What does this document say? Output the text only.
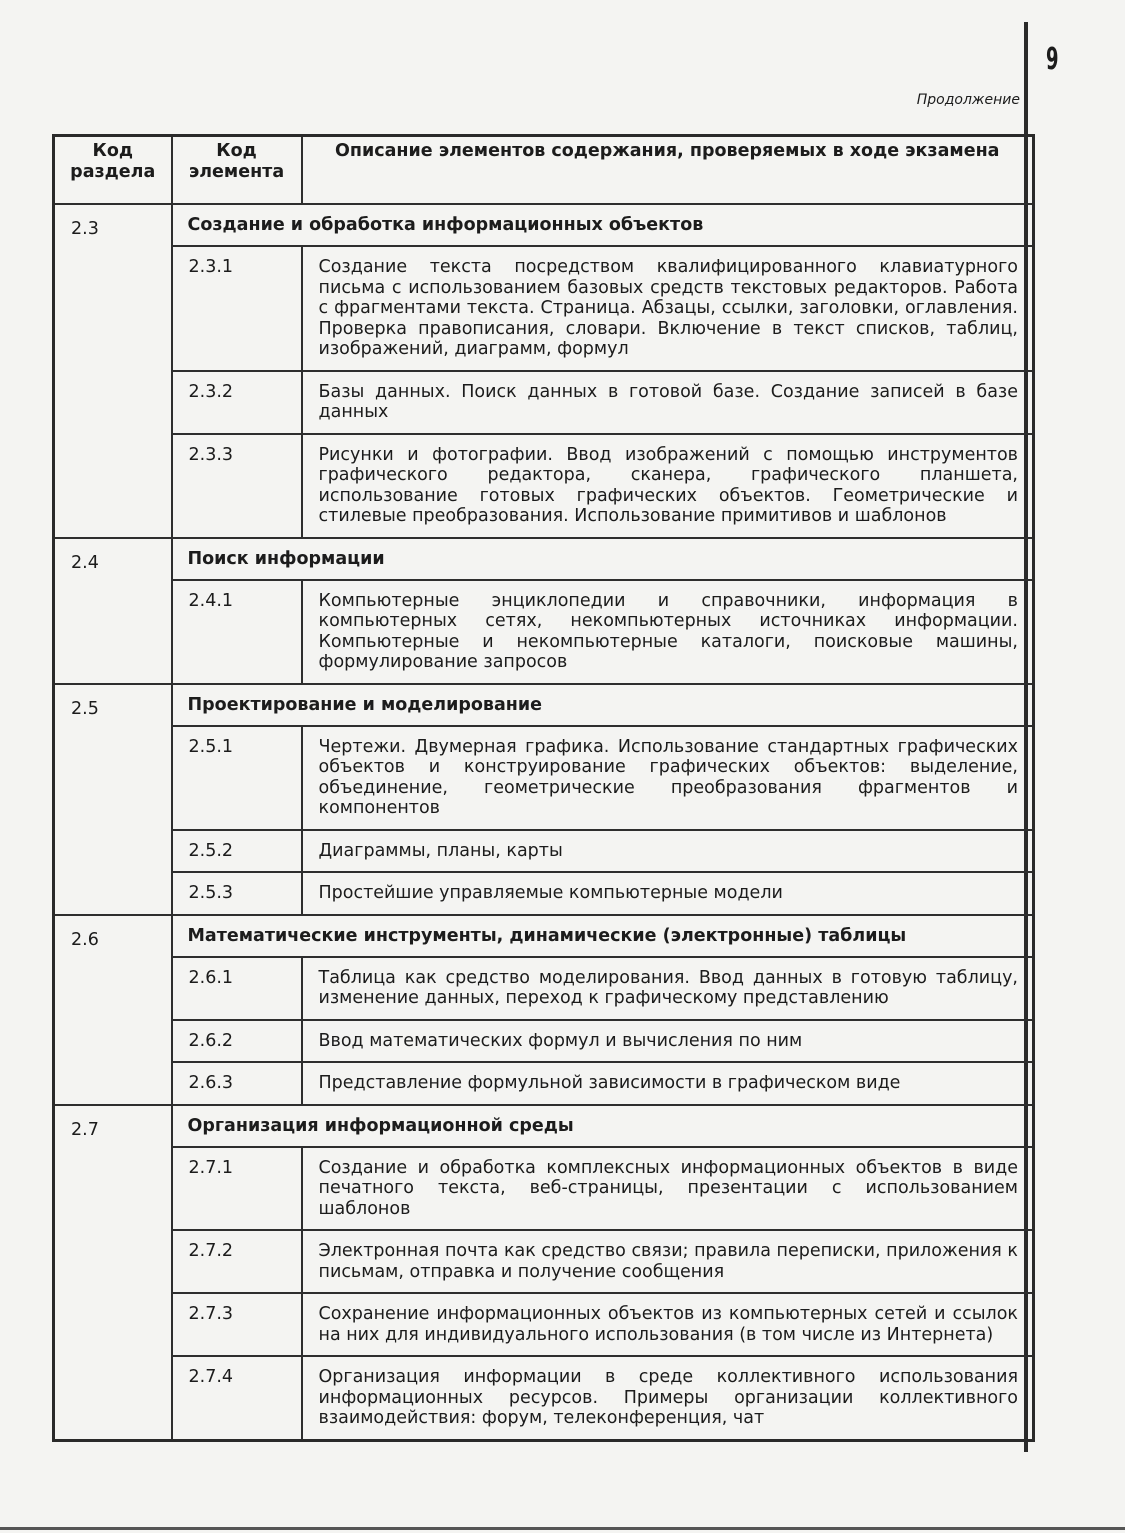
9
Продолжение
Код раздела	Код элемента	Описание элементов содержания, проверяемых в ходе экзамена
2.3	Создание и обработка информационных объектов	
	2.3.1	Создание текста посредством квалифицированного клавиатурного письма с использованием базовых средств текстовых редакторов. Работа с фрагментами текста. Страница. Абзацы, ссылки, заголовки, оглавления. Проверка правописания, словари. Включение в текст списков, таблиц, изображений, диаграмм, формул
	2.3.2	Базы данных. Поиск данных в готовой базе. Создание записей в базе данных
	2.3.3	Рисунки и фотографии. Ввод изображений с помощью инструментов графического редактора, сканера, графического планшета, использование готовых графических объектов. Геометрические и стилевые преобразования. Использование примитивов и шаблонов
2.4	Поиск информации	
	2.4.1	Компьютерные энциклопедии и справочники, информация в компьютерных сетях, некомпьютерных источниках информации. Компьютерные и некомпьютерные каталоги, поисковые машины, формулирование запросов
2.5	Проектирование и моделирование	
	2.5.1	Чертежи. Двумерная графика. Использование стандартных графических объектов и конструирование графических объектов: выделение, объединение, геометрические преобразования фрагментов и компонентов
	2.5.2	Диаграммы, планы, карты
	2.5.3	Простейшие управляемые компьютерные модели
2.6	Математические инструменты, динамические (электронные) таблицы	
	2.6.1	Таблица как средство моделирования. Ввод данных в готовую таблицу, изменение данных, переход к графическому представлению
	2.6.2	Ввод математических формул и вычисления по ним
	2.6.3	Представление формульной зависимости в графическом виде
2.7	Организация информационной среды	
	2.7.1	Создание и обработка комплексных информационных объектов в виде печатного текста, веб-страницы, презентации с использованием шаблонов
	2.7.2	Электронная почта как средство связи; правила переписки, приложения к письмам, отправка и получение сообщения
	2.7.3	Сохранение информационных объектов из компьютерных сетей и ссылок на них для индивидуального использования (в том числе из Интернета)
	2.7.4	Организация информации в среде коллективного использования информационных ресурсов. Примеры организации коллективного взаимодействия: форум, телеконференция, чат
